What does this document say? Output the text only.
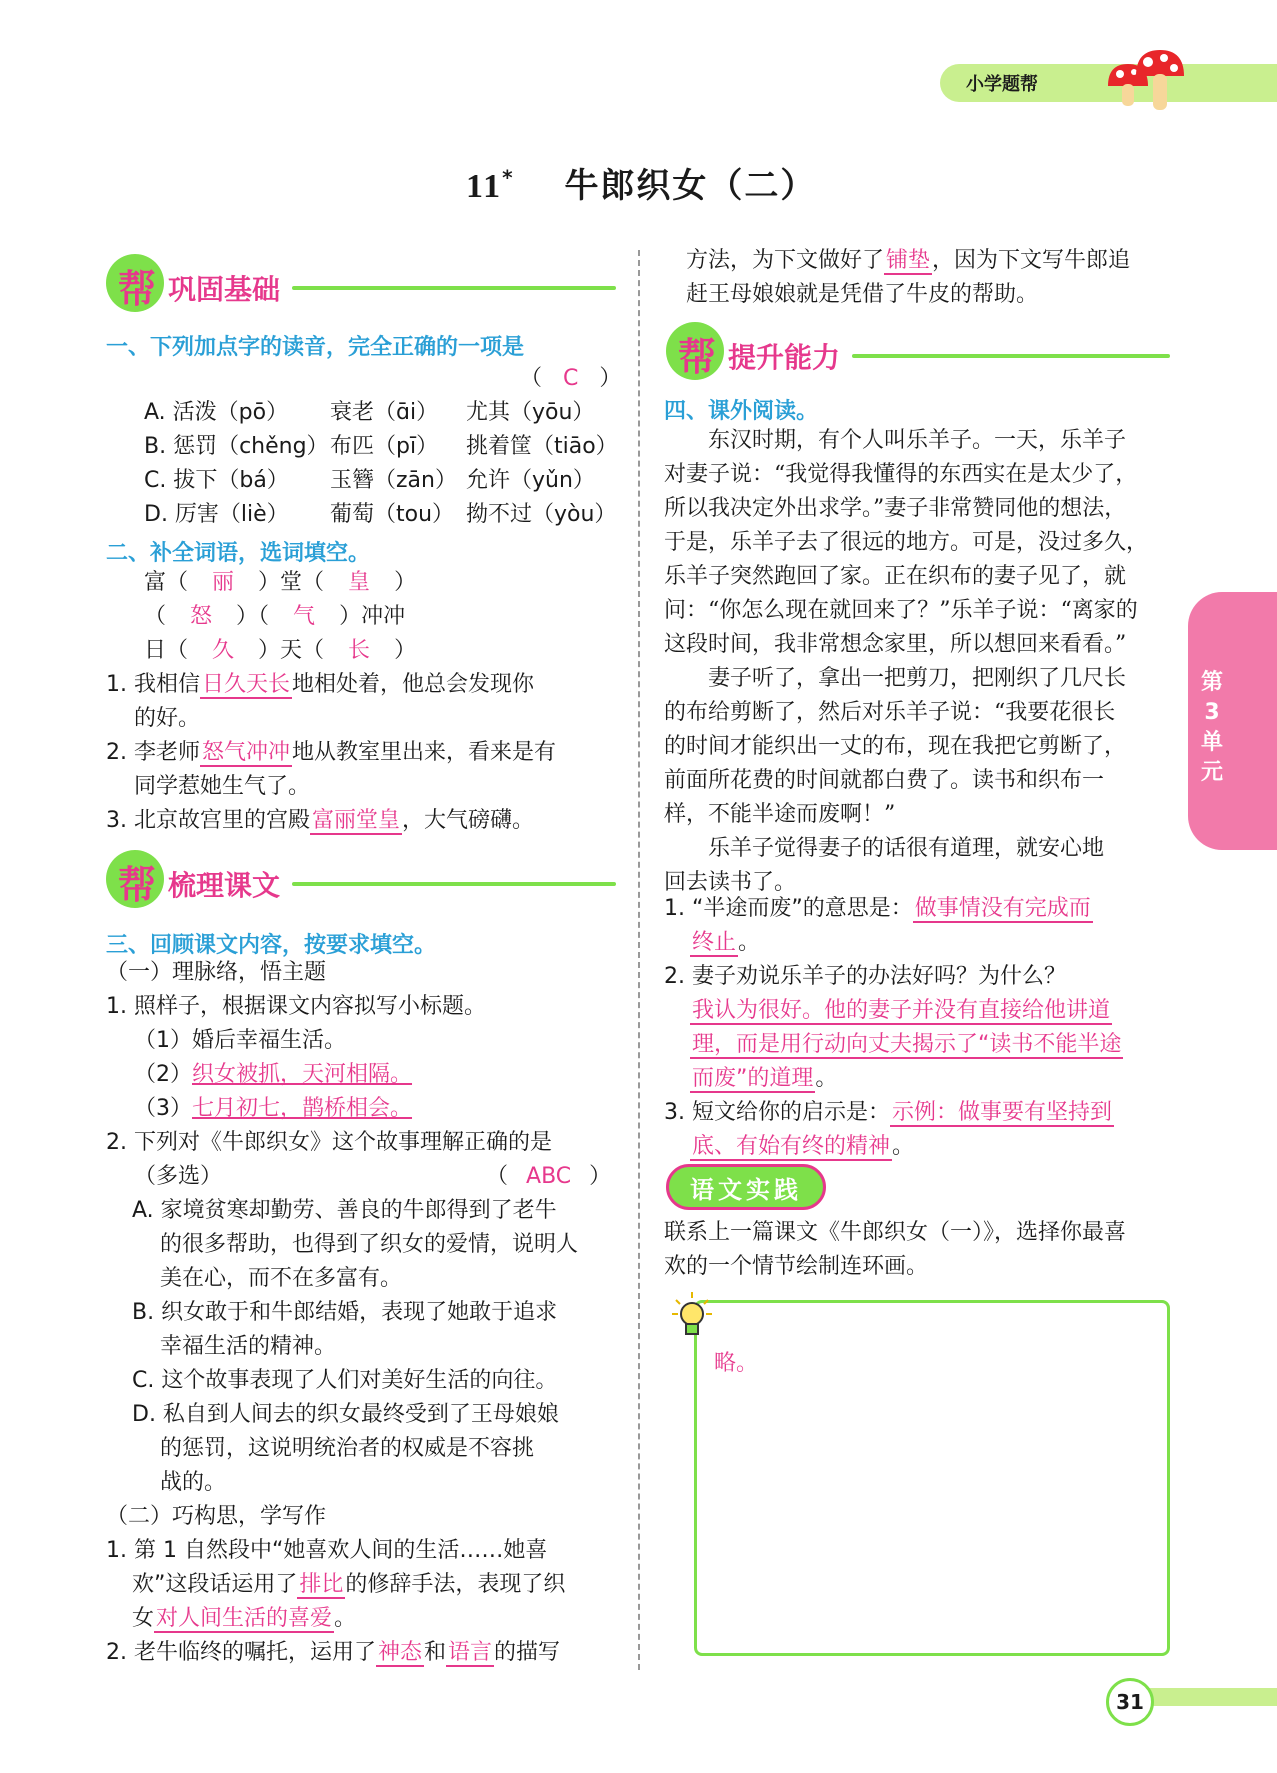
小学题帮
11* 牛郎织女（二）
帮 巩固基础
一、下列加点字的读音，完全正确的一项是
（ C ）
A. 活泼（pō） 衰老（ɑ̄i） 尤其（yōu）
B. 惩罚（chěng）布匹（pī） 挑着筐（tiāo）
C. 拔下（bá） 玉簪（zān） 允许（yǔn）
D. 厉害（liè） 葡萄（tou） 拗不过（yòu）
二、补全词语，选词填空。
富（ 丽 ）堂（ 皇 ）
（ 怒 ）（ 气 ）冲冲
日（ 久 ）天（ 长 ）
1. 我相信日久天长地相处着，他总会发现你
的好。
2. 李老师怒气冲冲地从教室里出来，看来是有
同学惹她生气了。
3. 北京故宫里的宫殿富丽堂皇，大气磅礴。
帮 梳理课文
三、回顾课文内容，按要求填空。
（一）理脉络，悟主题
1. 照样子，根据课文内容拟写小标题。
（1）婚后幸福生活。
（2）织女被抓，天河相隔。
（3）七月初七，鹊桥相会。
2. 下列对《牛郎织女》这个故事理解正确的是
（多选）	（ ABC ）
A. 家境贫寒却勤劳、善良的牛郎得到了老牛
的很多帮助，也得到了织女的爱情，说明人
美在心，而不在多富有。
B. 织女敢于和牛郎结婚，表现了她敢于追求
幸福生活的精神。
C. 这个故事表现了人们对美好生活的向往。
D. 私自到人间去的织女最终受到了王母娘娘
的惩罚，这说明统治者的权威是不容挑
战的。
（二）巧构思，学写作
1. 第 1 自然段中“她喜欢人间的生活……她喜
欢”这段话运用了排比的修辞手法，表现了织
女对人间生活的喜爱。
2. 老牛临终的嘱托，运用了神态和语言的描写
方法，为下文做好了铺垫，因为下文写牛郎追
赶王母娘娘就是凭借了牛皮的帮助。
帮 提升能力
四、课外阅读。
　　东汉时期，有个人叫乐羊子。一天，乐羊子
对妻子说：“我觉得我懂得的东西实在是太少了，
所以我决定外出求学。”妻子非常赞同他的想法，
于是，乐羊子去了很远的地方。可是，没过多久，
乐羊子突然跑回了家。正在织布的妻子见了，就
问：“你怎么现在就回来了？”乐羊子说：“离家的
这段时间，我非常想念家里，所以想回来看看。”
　　妻子听了，拿出一把剪刀，把刚织了几尺长
的布给剪断了，然后对乐羊子说：“我要花很长
的时间才能织出一丈的布，现在我把它剪断了，
前面所花费的时间就都白费了。读书和织布一
样，不能半途而废啊！”
　　乐羊子觉得妻子的话很有道理，就安心地
回去读书了。
1. “半途而废”的意思是：做事情没有完成而
终止。
2. 妻子劝说乐羊子的办法好吗？为什么？
我认为很好。他的妻子并没有直接给他讲道
理，而是用行动向丈夫揭示了“读书不能半途
而废”的道理。
3. 短文给你的启示是：示例：做事要有坚持到
底、有始有终的精神。
语文实践
联系上一篇课文《牛郎织女（一）》，选择你最喜
欢的一个情节绘制连环画。
略。
第3单元
31
